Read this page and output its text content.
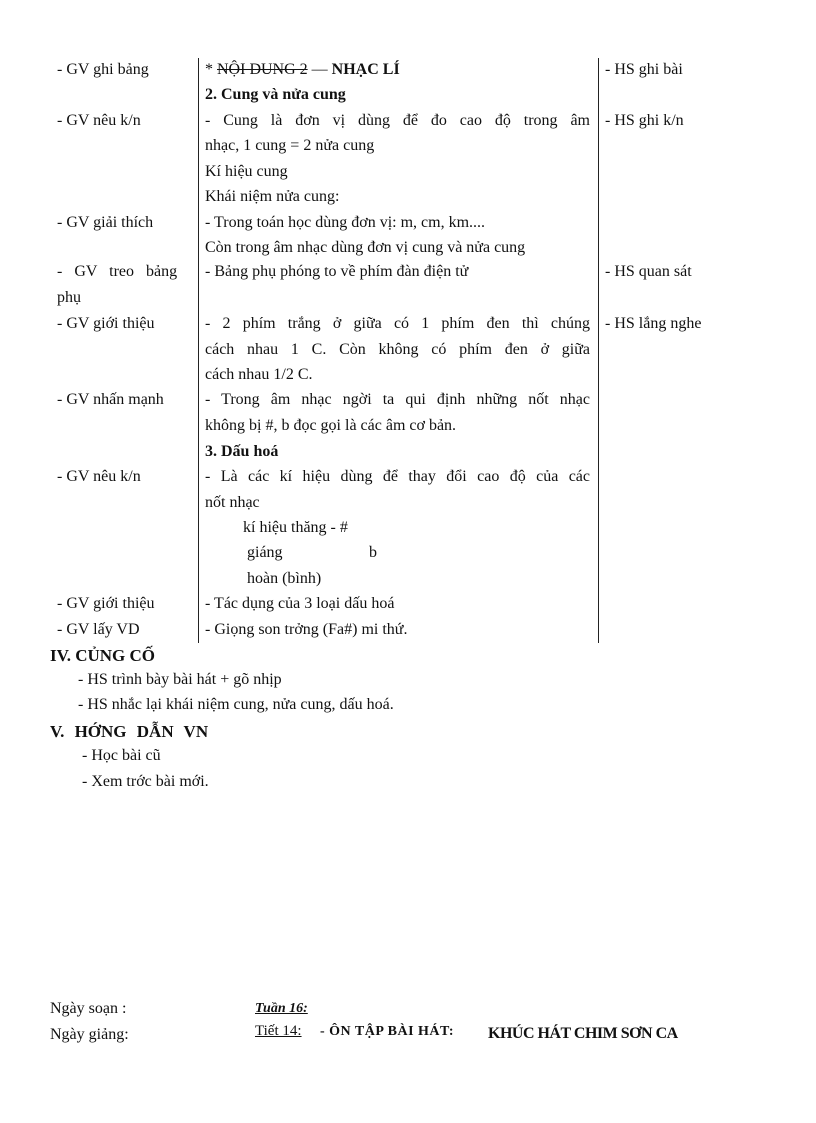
- GV ghi bảng
- GV nêu k/n
- GV giải thích
- GV treo bảng
phụ
- GV giới thiệu
- GV nhấn mạnh
- GV nêu k/n
- GV giới thiệu
- GV lấy VD
* NỘI DUNG 2 — NHẠC LÍ
2. Cung và nửa cung
- Cung là đơn vị dùng để đo cao độ trong âm
nhạc, 1 cung = 2 nửa cung
Kí hiệu cung
Khái niệm nửa cung:
- Trong toán học dùng đơn vị: m, cm, km....
Còn trong âm nhạc dùng đơn vị cung và nửa cung
- Bảng phụ phóng to về phím đàn điện tử
- 2 phím trắng ở giữa có 1 phím đen thì chúng
cách nhau 1 C. Còn không có phím đen ở giữa
cách nhau 1/2 C.
- Trong âm nhạc ngời ta qui định những nốt nhạc
không bị #, b đọc gọi là các âm cơ bản.
3. Dấu hoá
- Là các kí hiệu dùng để thay đổi cao độ của các
nốt nhạc
kí hiệu thăng - #
giáng	b
hoàn (bình)
- Tác dụng của 3 loại dấu hoá
- Giọng son trởng (Fa#) mi thứ.
- HS ghi bài
- HS ghi k/n
- HS quan sát
- HS lắng nghe
IV. CỦNG CỐ
- HS trình bày bài hát + gõ nhịp
- HS nhắc lại khái niệm cung, nửa cung, dấu hoá.
V. HỚNG DẪN VN
- Học bài cũ
- Xem trớc bài mới.
Ngày soạn :
Ngày giảng:
Tuần 16:
Tiết 14: - ÔN TẬP BÀI HÁT: KHÚC HÁT CHIM SƠN CA
